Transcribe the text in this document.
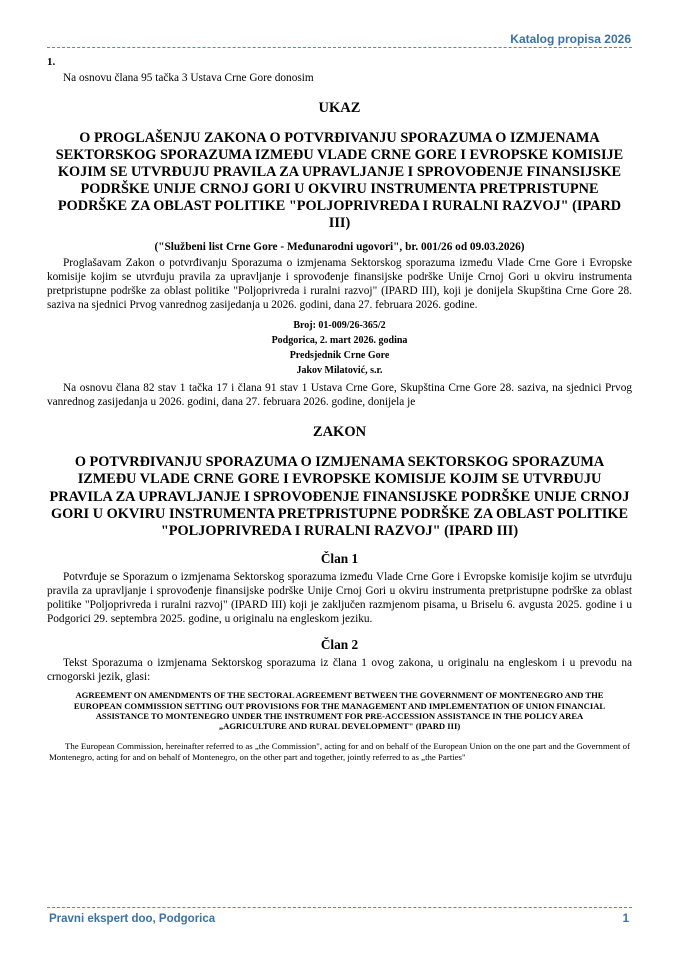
Katalog propisa 2026

1.

Na osnovu člana 95 tačka 3 Ustava Crne Gore donosim

UKAZ

O PROGLAŠENJU ZAKONA O POTVRĐIVANJU SPORAZUMA O IZMJENAMA SEKTORSKOG SPORAZUMA IZMEĐU VLADE CRNE GORE I EVROPSKE KOMISIJE KOJIM SE UTVRĐUJU PRAVILA ZA UPRAVLJANJE I SPROVOĐENJE FINANSIJSKE PODRŠKE UNIJE CRNOJ GORI U OKVIRU INSTRUMENTA PRETPRISTUPNE PODRŠKE ZA OBLAST POLITIKE "POLJOPRIVREDA I RURALNI RAZVOJ" (IPARD III)

("Službeni list Crne Gore - Međunarodni ugovori", br. 001/26 od 09.03.2026)

Proglašavam Zakon o potvrđivanju Sporazuma o izmjenama Sektorskog sporazuma između Vlade Crne Gore i Evropske komisije kojim se utvrđuju pravila za upravljanje i sprovođenje finansijske podrške Unije Crnoj Gori u okviru instrumenta pretpristupne podrške za oblast politike "Poljoprivreda i ruralni razvoj" (IPARD III), koji je donijela Skupština Crne Gore 28. saziva na sjednici Prvog vanrednog zasijedanja u 2026. godini, dana 27. februara 2026. godine.

Broj: 01-009/26-365/2
Podgorica, 2. mart 2026. godina
Predsjednik Crne Gore
Jakov Milatović, s.r.

Na osnovu člana 82 stav 1 tačka 17 i člana 91 stav 1 Ustava Crne Gore, Skupština Crne Gore 28. saziva, na sjednici Prvog vanrednog zasijedanja u 2026. godini, dana 27. februara 2026. godine, donijela je

ZAKON

O POTVRĐIVANJU SPORAZUMA O IZMJENAMA SEKTORSKOG SPORAZUMA IZMEĐU VLADE CRNE GORE I EVROPSKE KOMISIJE KOJIM SE UTVRĐUJU PRAVILA ZA UPRAVLJANJE I SPROVOĐENJE FINANSIJSKE PODRŠKE UNIJE CRNOJ GORI U OKVIRU INSTRUMENTA PRETPRISTUPNE PODRŠKE ZA OBLAST POLITIKE "POLJOPRIVREDA I RURALNI RAZVOJ" (IPARD III)

Član 1

Potvrđuje se Sporazum o izmjenama Sektorskog sporazuma između Vlade Crne Gore i Evropske komisije kojim se utvrđuju pravila za upravljanje i sprovođenje finansijske podrške Unije Crnoj Gori u okviru instrumenta pretpristupne podrške za oblast politike "Poljoprivreda i ruralni razvoj" (IPARD III) koji je zaključen razmjenom pisama, u Briselu 6. avgusta 2025. godine i u Podgorici 29. septembra 2025. godine, u originalu na engleskom jeziku.

Član 2

Tekst Sporazuma o izmjenama Sektorskog sporazuma iz člana 1 ovog zakona, u originalu na engleskom i u prevodu na crnogorski jezik, glasi:

AGREEMENT ON AMENDMENTS OF THE SECTORAL AGREEMENT BETWEEN THE GOVERNMENT OF MONTENEGRO AND THE EUROPEAN COMMISSION SETTING OUT PROVISIONS FOR THE MANAGEMENT AND IMPLEMENTATION OF UNION FINANCIAL ASSISTANCE TO MONTENEGRO UNDER THE INSTRUMENT FOR PRE-ACCESSION ASSISTANCE IN THE POLICY AREA „AGRICULTURE AND RURAL DEVELOPMENT" (IPARD III)
The European Commission, hereinafter referred to as „the Commission", acting for and on behalf of the European Union on the one part and the Government of Montenegro, acting for and on behalf of Montenegro, on the other part and together, jointly referred to as „the Parties"
Pravni ekspert doo, Podgorica	1
